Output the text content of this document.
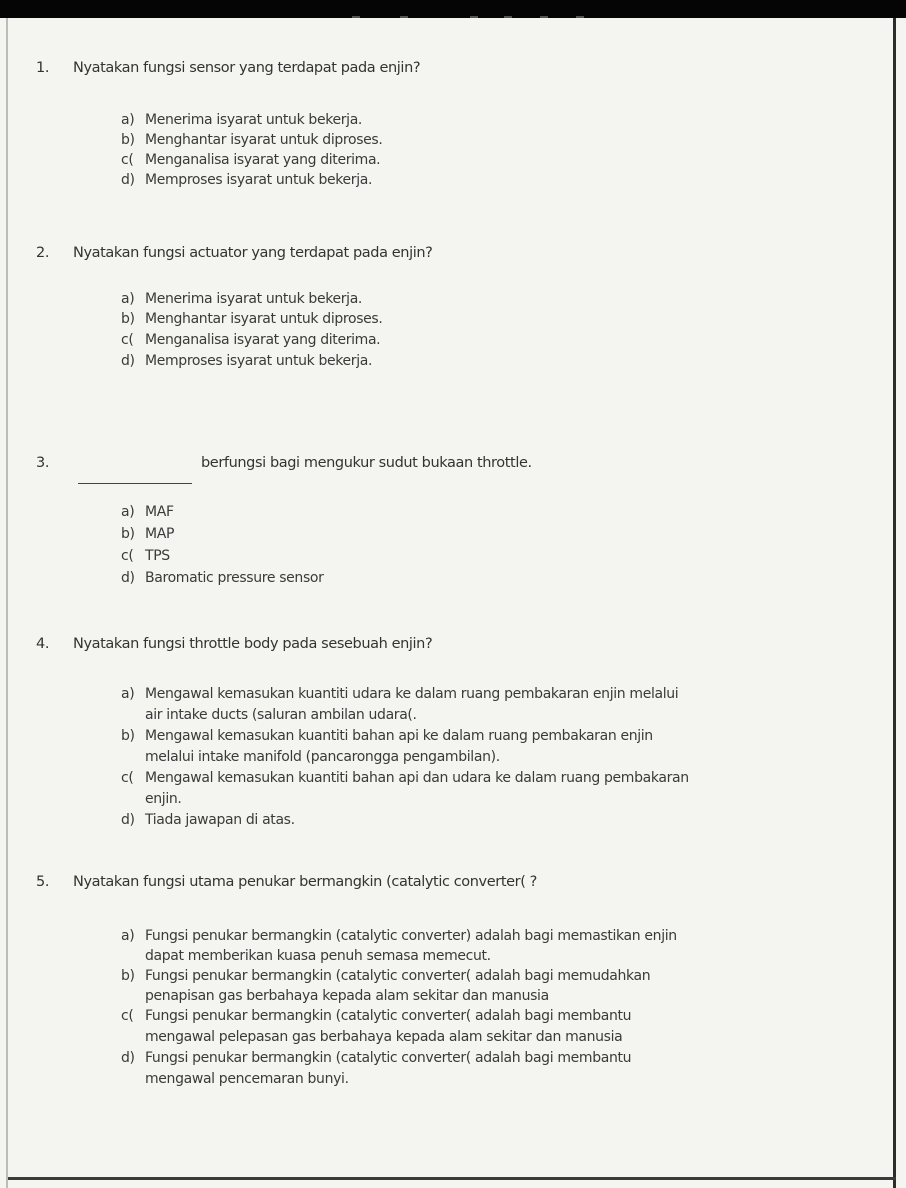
1. Nyatakan fungsi sensor yang terdapat pada enjin?
a) Menerima isyarat untuk bekerja.
b) Menghantar isyarat untuk diproses.
c( Menganalisa isyarat yang diterima.
d) Memproses isyarat untuk bekerja.
2. Nyatakan fungsi actuator yang terdapat pada enjin?
a) Menerima isyarat untuk bekerja.
b) Menghantar isyarat untuk diproses.
c( Menganalisa isyarat yang diterima.
d) Memproses isyarat untuk bekerja.
3.	berfungsi bagi mengukur sudut bukaan throttle.
a) MAF
b) MAP
c( TPS
d) Baromatic pressure sensor
4. Nyatakan fungsi throttle body pada sesebuah enjin?
a) Mengawal kemasukan kuantiti udara ke dalam ruang pembakaran enjin melalui
air intake ducts (saluran ambilan udara(.
b) Mengawal kemasukan kuantiti bahan api ke dalam ruang pembakaran enjin
melalui intake manifold (pancarongga pengambilan).
c( Mengawal kemasukan kuantiti bahan api dan udara ke dalam ruang pembakaran
enjin.
d) Tiada jawapan di atas.
5. Nyatakan fungsi utama penukar bermangkin (catalytic converter( ?
a) Fungsi penukar bermangkin (catalytic converter) adalah bagi memastikan enjin
dapat memberikan kuasa penuh semasa memecut.
b) Fungsi penukar bermangkin (catalytic converter( adalah bagi memudahkan
penapisan gas berbahaya kepada alam sekitar dan manusia
c( Fungsi penukar bermangkin (catalytic converter( adalah bagi membantu
mengawal pelepasan gas berbahaya kepada alam sekitar dan manusia
d) Fungsi penukar bermangkin (catalytic converter( adalah bagi membantu
mengawal pencemaran bunyi.
